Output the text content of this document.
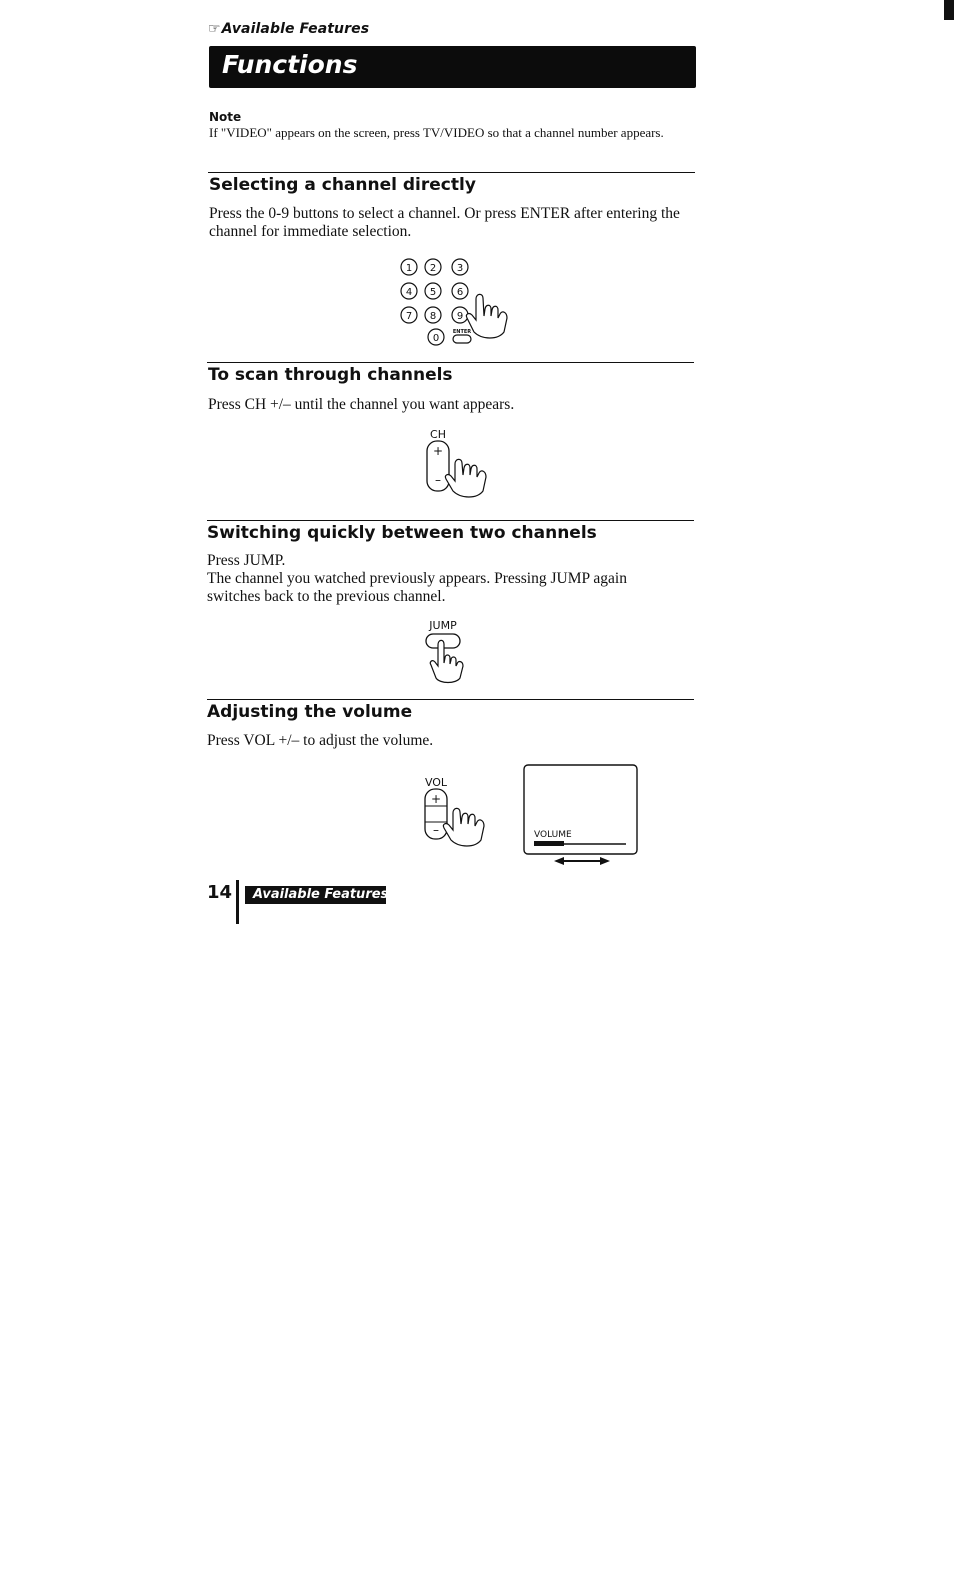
☞Available Features
Functions
Note
If "VIDEO" appears on the screen, press TV/VIDEO so that a channel number appears.
Selecting a channel directly
Press the 0-9 buttons to select a channel. Or press ENTER after entering the channel for immediate selection.
1 2 3
4 5 6
7 8 9
0
ENTER
To scan through channels
Press CH +/– until the channel you want appears.
CH
+
–
Switching quickly between two channels
Press JUMP.
The channel you watched previously appears. Pressing JUMP again switches back to the previous channel.
JUMP
Adjusting the volume
Press VOL +/– to adjust the volume.
VOL
+
–	VOLUME
14 Available Features
